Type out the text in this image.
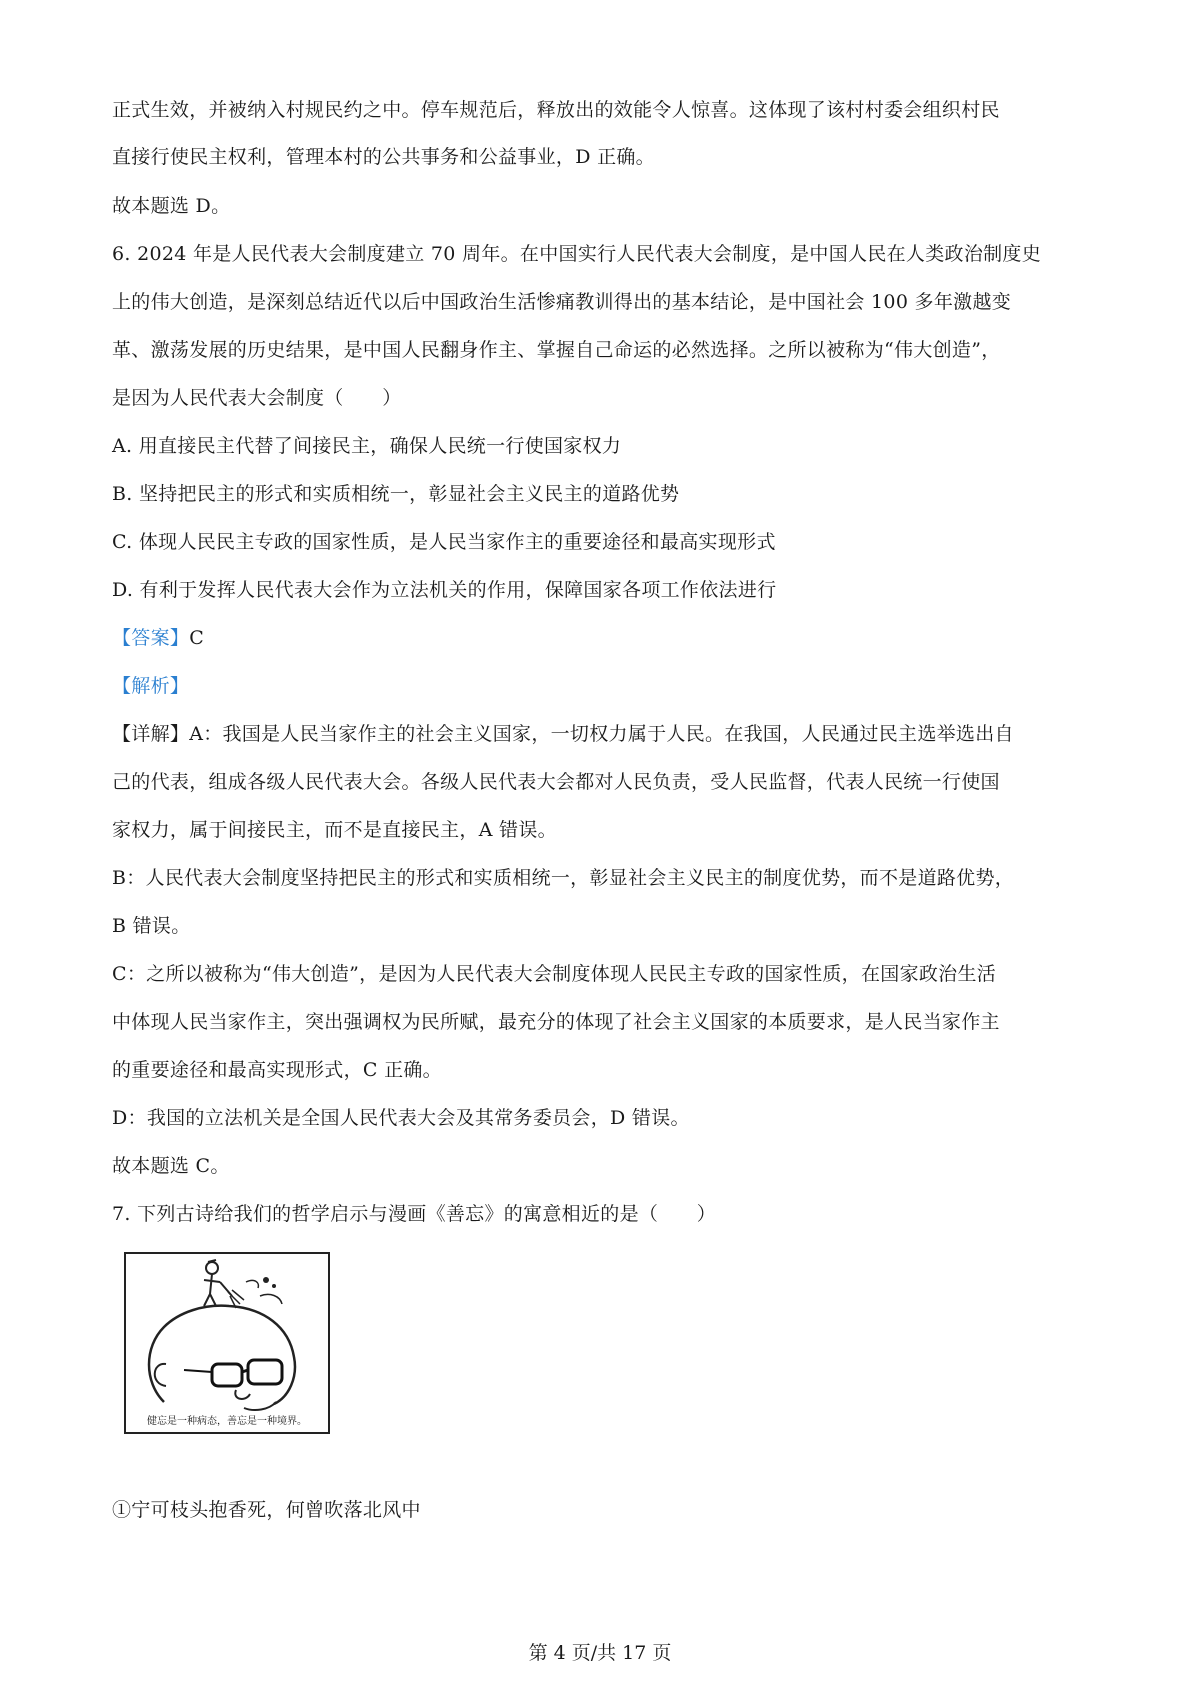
正式生效，并被纳入村规民约之中。停车规范后，释放出的效能令人惊喜。这体现了该村村委会组织村民
直接行使民主权利，管理本村的公共事务和公益事业，D 正确。
故本题选 D。
6. 2024 年是人民代表大会制度建立 70 周年。在中国实行人民代表大会制度，是中国人民在人类政治制度史
上的伟大创造，是深刻总结近代以后中国政治生活惨痛教训得出的基本结论，是中国社会 100 多年激越变
革、激荡发展的历史结果，是中国人民翻身作主、掌握自己命运的必然选择。之所以被称为“伟大创造”，
是因为人民代表大会制度（　　）
A. 用直接民主代替了间接民主，确保人民统一行使国家权力
B. 坚持把民主的形式和实质相统一，彰显社会主义民主的道路优势
C. 体现人民民主专政的国家性质，是人民当家作主的重要途径和最高实现形式
D. 有利于发挥人民代表大会作为立法机关的作用，保障国家各项工作依法进行
【答案】C
【解析】
【详解】A：我国是人民当家作主的社会主义国家，一切权力属于人民。在我国，人民通过民主选举选出自
己的代表，组成各级人民代表大会。各级人民代表大会都对人民负责，受人民监督，代表人民统一行使国
家权力，属于间接民主，而不是直接民主，A 错误。
B：人民代表大会制度坚持把民主的形式和实质相统一，彰显社会主义民主的制度优势，而不是道路优势，
B 错误。
C：之所以被称为“伟大创造”，是因为人民代表大会制度体现人民民主专政的国家性质，在国家政治生活
中体现人民当家作主，突出强调权为民所赋，最充分的体现了社会主义国家的本质要求，是人民当家作主
的重要途径和最高实现形式，C 正确。
D：我国的立法机关是全国人民代表大会及其常务委员会，D 错误。
故本题选 C。
7. 下列古诗给我们的哲学启示与漫画《善忘》的寓意相近的是（　　）
健忘是一种病态，善忘是一种境界。
①宁可枝头抱香死，何曾吹落北风中
第 4 页/共 17 页
